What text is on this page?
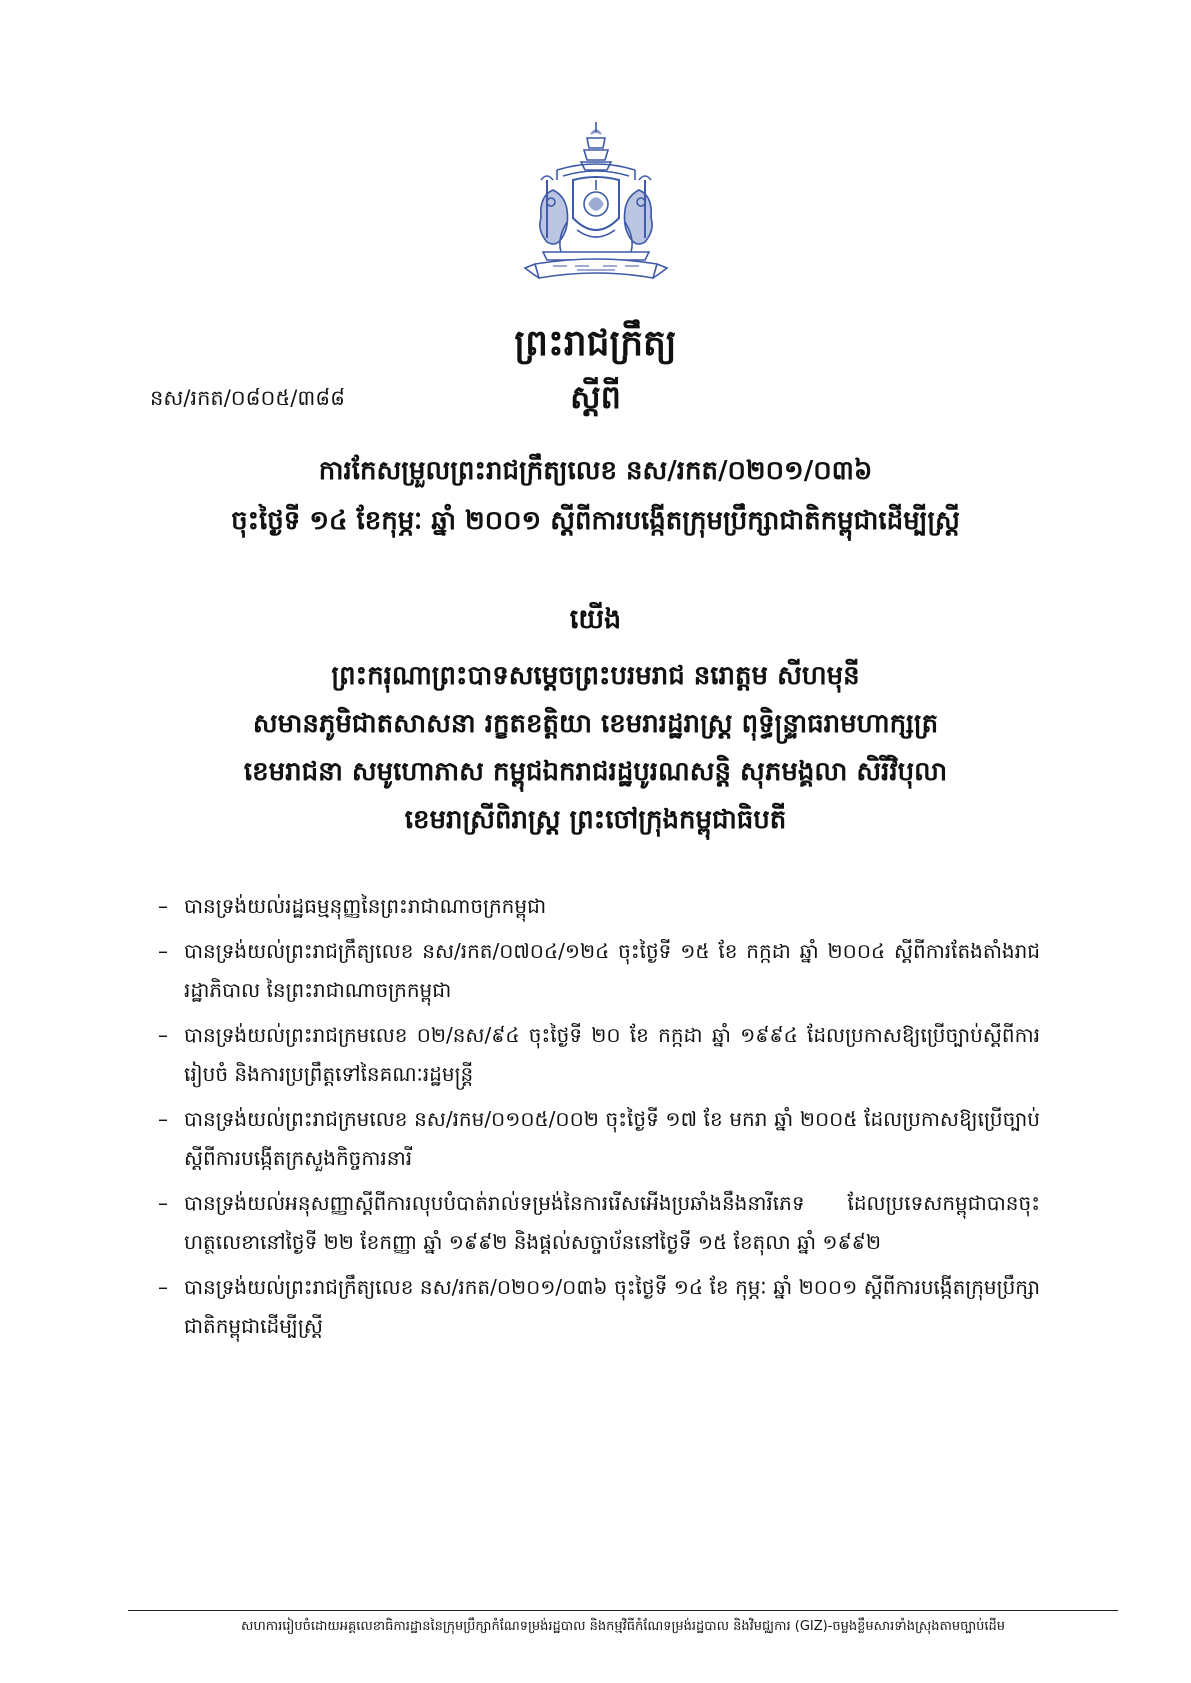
ព្រះរាជក្រឹត្យ
នស/រកត/០៨០៥/៣៨៨	ស្តីពី
ការកែសម្រួលព្រះរាជក្រឹត្យលេខ នស/រកត/០២០១/០៣៦
ចុះថ្ងៃទី ១៤ ខែកុម្ភៈ ឆ្នាំ ២០០១ ស្តីពីការបង្កើតក្រុមប្រឹក្សាជាតិកម្ពុជាដើម្បីស្ត្រី
យើង
ព្រះករុណាព្រះបាទសម្តេចព្រះបរមរាជ នរោត្តម សីហមុនី
សមានភូមិជាតសាសនា រក្ខតខត្តិយា ខេមរារដ្ឋរាស្ត្រ ពុទ្ធិន្ទ្រាធរាមហាក្សត្រ
ខេមរាជនា សមូហោភាស កម្ពុជឯករាជរដ្ឋបូរណសន្តិ សុភមង្គលា សិរីវិបុលា
ខេមរាស្រីពិរាស្ត្រ ព្រះចៅក្រុងកម្ពុជាធិបតី
– បានទ្រង់យល់រដ្ឋធម្មនុញ្ញនៃព្រះរាជាណាចក្រកម្ពុជា
– បានទ្រង់យល់ព្រះរាជក្រឹត្យលេខ នស/រកត/០៧០៤/១២៤ ចុះថ្ងៃទី ១៥ ខែ កក្កដា ឆ្នាំ ២០០៤ ស្តីពីការតែងតាំងរាជរដ្ឋាភិបាល នៃព្រះរាជាណាចក្រកម្ពុជា
– បានទ្រង់យល់ព្រះរាជក្រមលេខ ០២/នស/៩៤ ចុះថ្ងៃទី ២០ ខែ កក្កដា ឆ្នាំ ១៩៩៤ ដែលប្រកាសឱ្យប្រើច្បាប់ស្តីពីការរៀបចំ និងការប្រព្រឹត្តទៅនៃគណៈរដ្ឋមន្ត្រី
– បានទ្រង់យល់ព្រះរាជក្រមលេខ នស/រកម/០១០៥/០០២ ចុះថ្ងៃទី ១៧ ខែ មករា ឆ្នាំ ២០០៥ ដែលប្រកាសឱ្យប្រើច្បាប់ស្តីពីការបង្កើតក្រសួងកិច្ចការនារី
– បានទ្រង់យល់អនុសញ្ញាស្តីពីការលុបបំបាត់រាល់ទម្រង់នៃការរើសអើងប្រឆាំងនឹងនារីភេទ ដែលប្រទេសកម្ពុជាបានចុះហត្ថលេខានៅថ្ងៃទី ២២ ខែកញ្ញា ឆ្នាំ ១៩៩២ និងផ្តល់សច្ចាប័ននៅថ្ងៃទី ១៥ ខែតុលា ឆ្នាំ ១៩៩២
– បានទ្រង់យល់ព្រះរាជក្រឹត្យលេខ នស/រកត/០២០១/០៣៦ ចុះថ្ងៃទី ១៤ ខែ កុម្ភៈ ឆ្នាំ ២០០១ ស្តីពីការបង្កើតក្រុមប្រឹក្សាជាតិកម្ពុជាដើម្បីស្ត្រី
សហការរៀបចំដោយអគ្គលេខាធិការដ្ឋាននៃក្រុមប្រឹក្សាកំណែទម្រង់រដ្ឋបាល និងកម្មវិធីកំណែទម្រង់រដ្ឋបាល និងវិមជ្ឈការ (GIZ)-ចម្លងខ្លឹមសារទាំងស្រុងតាមច្បាប់ដើម
